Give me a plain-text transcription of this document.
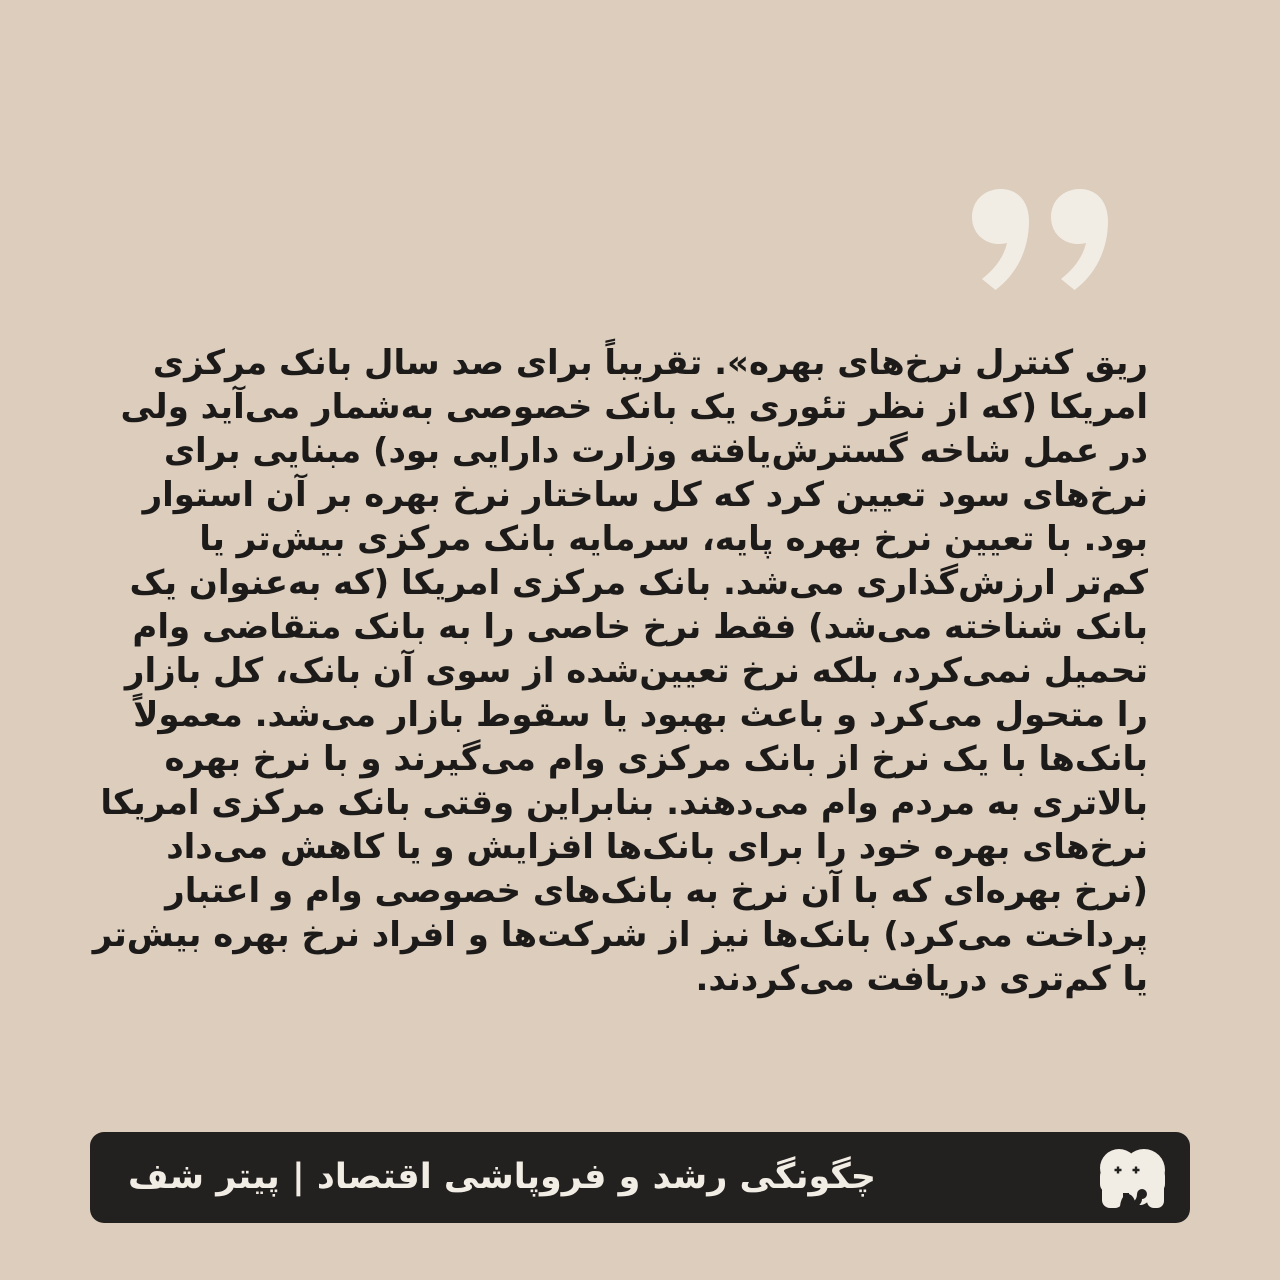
ریق کنترل نرخ‌های بهره». تقریباً برای صد سال بانک مرکزی
امریکا (که از نظر تئوری یک بانک خصوصی به‌شمار می‌آید ولی
در عمل شاخه گسترش‌یافته وزارت دارایی بود) مبنایی برای
نرخ‌های سود تعیین کرد که کل ساختار نرخ بهره بر آن استوار
بود. با تعیین نرخ بهره پایه، سرمایه بانک مرکزی بیش‌تر یا
کم‌تر ارزش‌گذاری می‌شد. بانک مرکزی امریکا (که به‌عنوان یک
بانک شناخته می‌شد) فقط نرخ خاصی را به بانک متقاضی وام
تحمیل نمی‌کرد، بلکه نرخ تعیین‌شده از سوی آن بانک، کل بازار
را متحول می‌کرد و باعث بهبود یا سقوط بازار می‌شد. معمولاً
بانک‌ها با یک نرخ از بانک مرکزی وام می‌گیرند و با نرخ بهره
بالاتری به مردم وام می‌دهند. بنابراین وقتی بانک مرکزی امریکا
نرخ‌های بهره خود را برای بانک‌ها افزایش و یا کاهش می‌داد
(نرخ بهره‌ای که با آن نرخ به بانک‌های خصوصی وام و اعتبار
پرداخت می‌کرد) بانک‌ها نیز از شرکت‌ها و افراد نرخ بهره بیش‌تر
یا کم‌تری دریافت می‌کردند.
چگونگی رشد و فروپاشی اقتصاد | پیتر شف
